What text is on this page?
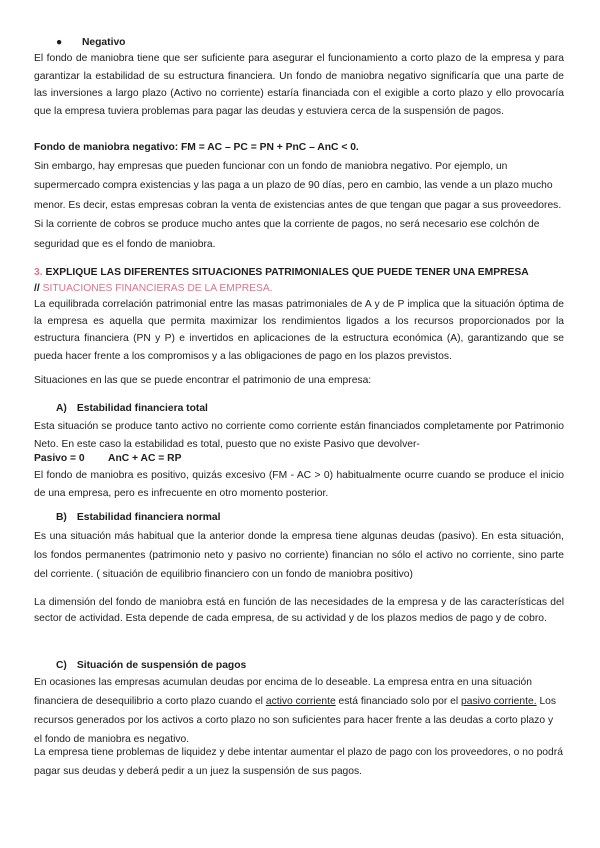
● Negativo

El fondo de maniobra tiene que ser suficiente para asegurar el funcionamiento a corto plazo de la empresa y para garantizar la estabilidad de su estructura financiera. Un fondo de maniobra negativo significaría que una parte de las inversiones a largo plazo (Activo no corriente) estaría financiada con el exigible a corto plazo y ello provocaría que la empresa tuviera problemas para pagar las deudas y estuviera cerca de la suspensión de pagos.

Fondo de maniobra negativo: FM = AC – PC = PN + PnC – AnC < 0.

Sin embargo, hay empresas que pueden funcionar con un fondo de maniobra negativo. Por ejemplo, un supermercado compra existencias y las paga a un plazo de 90 días, pero en cambio, las vende a un plazo mucho menor. Es decir, estas empresas cobran la venta de existencias antes de que tengan que pagar a sus proveedores. Si la corriente de cobros se produce mucho antes que la corriente de pagos, no será necesario ese colchón de seguridad que es el fondo de maniobra.

3. EXPLIQUE LAS DIFERENTES SITUACIONES PATRIMONIALES QUE PUEDE TENER UNA EMPRESA
// SITUACIONES FINANCIERAS DE LA EMPRESA.

La equilibrada correlación patrimonial entre las masas patrimoniales de A y de P implica que la situación óptima de la empresa es aquella que permita maximizar los rendimientos ligados a los recursos proporcionados por la estructura financiera (PN y P) e invertidos en aplicaciones de la estructura económica (A), garantizando que se pueda hacer frente a los compromisos y a las obligaciones de pago en los plazos previstos.

Situaciones en las que se puede encontrar el patrimonio de una empresa:

A) Estabilidad financiera total

Esta situación se produce tanto activo no corriente como corriente están financiados completamente por Patrimonio Neto. En este caso la estabilidad es total, puesto que no existe Pasivo que devolver-

Pasivo = 0 AnC + AC = RP

El fondo de maniobra es positivo, quizás excesivo (FM - AC > 0) habitualmente ocurre cuando se produce el inicio de una empresa, pero es infrecuente en otro momento posterior.

B) Estabilidad financiera normal

Es una situación más habitual que la anterior donde la empresa tiene algunas deudas (pasivo). En esta situación, los fondos permanentes (patrimonio neto y pasivo no corriente) financian no sólo el activo no corriente, sino parte del corriente. ( situación de equilibrio financiero con un fondo de maniobra positivo)

La dimensión del fondo de maniobra está en función de las necesidades de la empresa y de las características del sector de actividad. Esta depende de cada empresa, de su actividad y de los plazos medios de pago y de cobro.

C) Situación de suspensión de pagos

En ocasiones las empresas acumulan deudas por encima de lo deseable. La empresa entra en una situación financiera de desequilibrio a corto plazo cuando el activo corriente está financiado solo por el pasivo corriente. Los recursos generados por los activos a corto plazo no son suficientes para hacer frente a las deudas a corto plazo y el fondo de maniobra es negativo.

La empresa tiene problemas de liquidez y debe intentar aumentar el plazo de pago con los proveedores, o no podrá pagar sus deudas y deberá pedir a un juez la suspensión de sus pagos.
